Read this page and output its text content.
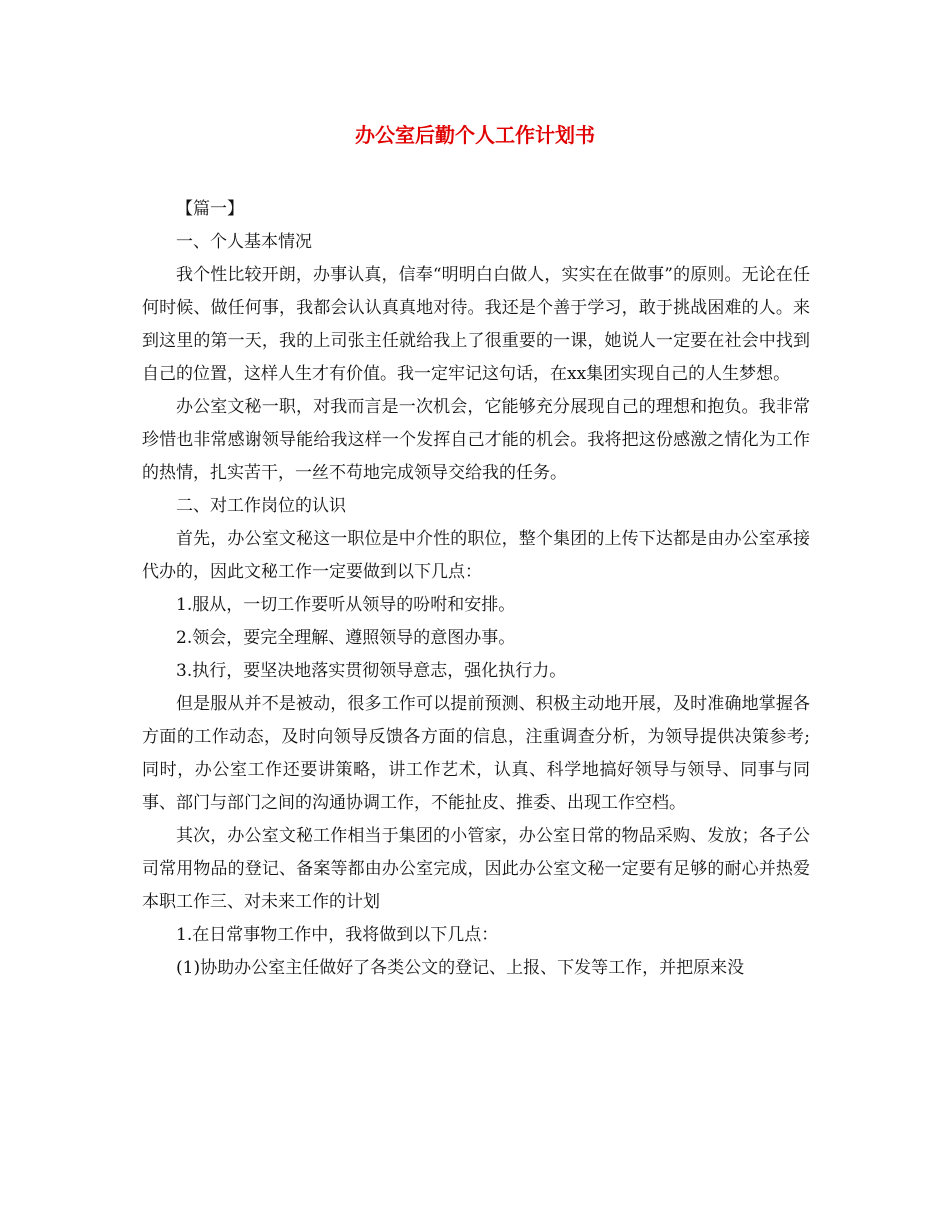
办公室后勤个人工作计划书

【篇一】

一、个人基本情况

我个性比较开朗，办事认真，信奉“明明白白做人，实实在在做事”的原则。无论在任何时候、做任何事，我都会认认真真地对待。我还是个善于学习，敢于挑战困难的人。来到这里的第一天，我的上司张主任就给我上了很重要的一课，她说人一定要在社会中找到自己的位置，这样人生才有价值。我一定牢记这句话，在xx集团实现自己的人生梦想。

办公室文秘一职，对我而言是一次机会，它能够充分展现自己的理想和抱负。我非常珍惜也非常感谢领导能给我这样一个发挥自己才能的机会。我将把这份感激之情化为工作的热情，扎实苦干，一丝不苟地完成领导交给我的任务。

二、对工作岗位的认识

首先，办公室文秘这一职位是中介性的职位，整个集团的上传下达都是由办公室承接代办的，因此文秘工作一定要做到以下几点：

1.服从，一切工作要听从领导的吩咐和安排。

2.领会，要完全理解、遵照领导的意图办事。

3.执行，要坚决地落实贯彻领导意志，强化执行力。

但是服从并不是被动，很多工作可以提前预测、积极主动地开展，及时准确地掌握各方面的工作动态，及时向领导反馈各方面的信息，注重调查分析，为领导提供决策参考;同时，办公室工作还要讲策略，讲工作艺术，认真、科学地搞好领导与领导、同事与同事、部门与部门之间的沟通协调工作，不能扯皮、推委、出现工作空档。

其次，办公室文秘工作相当于集团的小管家，办公室日常的物品采购、发放；各子公司常用物品的登记、备案等都由办公室完成，因此办公室文秘一定要有足够的耐心并热爱本职工作三、对未来工作的计划

1.在日常事物工作中，我将做到以下几点：

(1)协助办公室主任做好了各类公文的登记、上报、下发等工作，并把原来没
